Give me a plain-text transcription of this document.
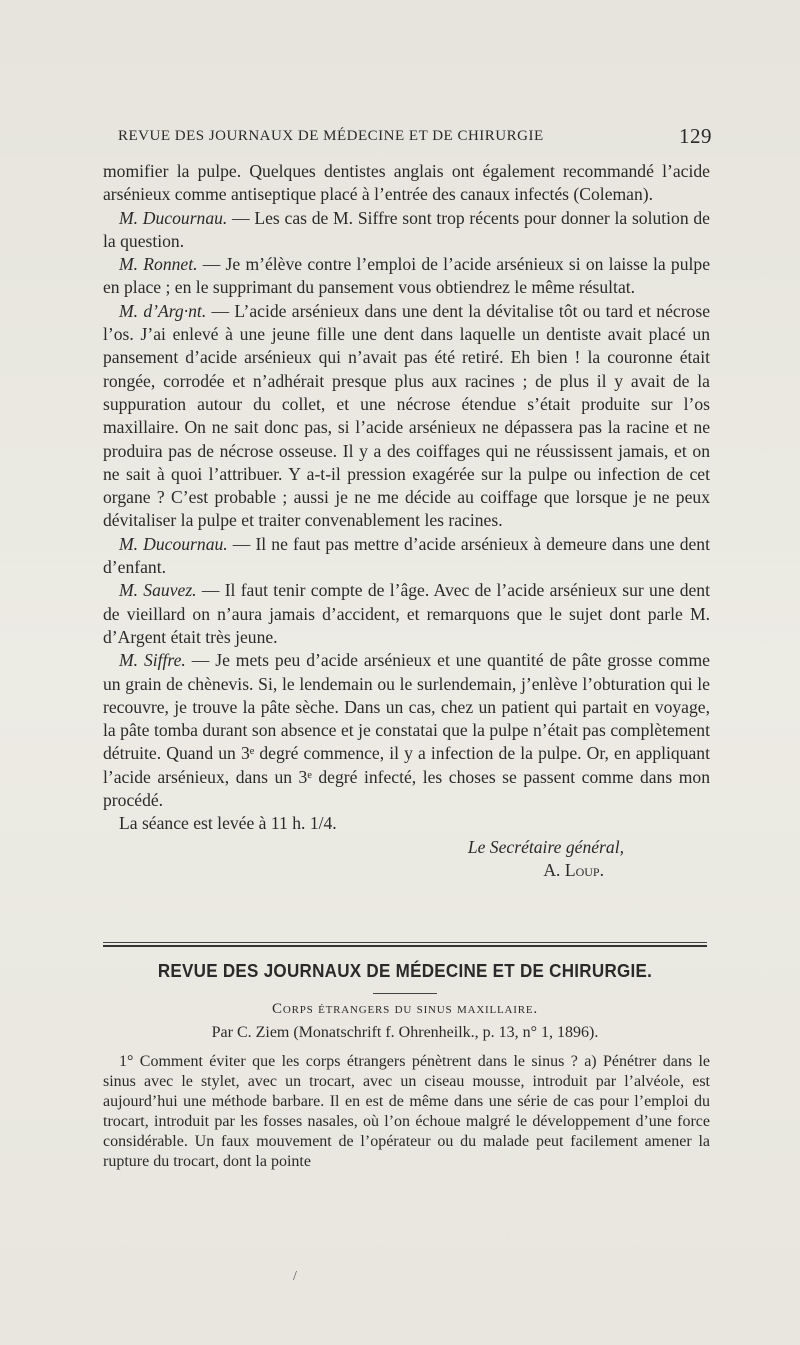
REVUE DES JOURNAUX DE MÉDECINE ET DE CHIRURGIE	129

momifier la pulpe. Quelques dentistes anglais ont également recommandé l’acide arsénieux comme antiseptique placé à l’entrée des canaux infectés (Coleman).

M. Ducournau. — Les cas de M. Siffre sont trop récents pour donner la solution de la question.

M. Ronnet. — Je m’élève contre l’emploi de l’acide arsénieux si on laisse la pulpe en place ; en le supprimant du pansement vous obtiendrez le même résultat.

M. d’Arg·nt. — L’acide arsénieux dans une dent la dévitalise tôt ou tard et nécrose l’os. J’ai enlevé à une jeune fille une dent dans laquelle un dentiste avait placé un pansement d’acide arsénieux qui n’avait pas été retiré. Eh bien ! la couronne était rongée, corrodée et n’adhérait presque plus aux racines ; de plus il y avait de la suppuration autour du collet, et une nécrose étendue s’était produite sur l’os maxillaire. On ne sait donc pas, si l’acide arsénieux ne dépassera pas la racine et ne produira pas de nécrose osseuse. Il y a des coiffages qui ne réussissent jamais, et on ne sait à quoi l’attribuer. Y a-t-il pression exagérée sur la pulpe ou infection de cet organe ? C’est probable ; aussi je ne me décide au coiffage que lorsque je ne peux dévitaliser la pulpe et traiter convenablement les racines.

M. Ducournau. — Il ne faut pas mettre d’acide arsénieux à demeure dans une dent d’enfant.

M. Sauvez. — Il faut tenir compte de l’âge. Avec de l’acide arsénieux sur une dent de vieillard on n’aura jamais d’accident, et remarquons que le sujet dont parle M. d’Argent était très jeune.

M. Siffre. — Je mets peu d’acide arsénieux et une quantité de pâte grosse comme un grain de chènevis. Si, le lendemain ou le surlendemain, j’enlève l’obturation qui le recouvre, je trouve la pâte sèche. Dans un cas, chez un patient qui partait en voyage, la pâte tomba durant son absence et je constatai que la pulpe n’était pas complètement détruite. Quand un 3ᵉ degré commence, il y a infection de la pulpe. Or, en appliquant l’acide arsénieux, dans un 3ᵉ degré infecté, les choses se passent comme dans mon procédé.

La séance est levée à 11 h. 1/4.

Le Secrétaire général,

A. Loup.

REVUE DES JOURNAUX DE MÉDECINE ET DE CHIRURGIE.
Corps étrangers du sinus maxillaire.
Par C. Ziem (Monatschrift f. Ohrenheilk., p. 13, n° 1, 1896).

1° Comment éviter que les corps étrangers pénètrent dans le sinus ? a) Pénétrer dans le sinus avec le stylet, avec un trocart, avec un ciseau mousse, introduit par l’alvéole, est aujourd’hui une méthode barbare. Il en est de même dans une série de cas pour l’emploi du trocart, introduit par les fosses nasales, où l’on échoue malgré le développement d’une force considérable. Un faux mouvement de l’opérateur ou du malade peut facilement amener la rupture du trocart, dont la pointe

/
